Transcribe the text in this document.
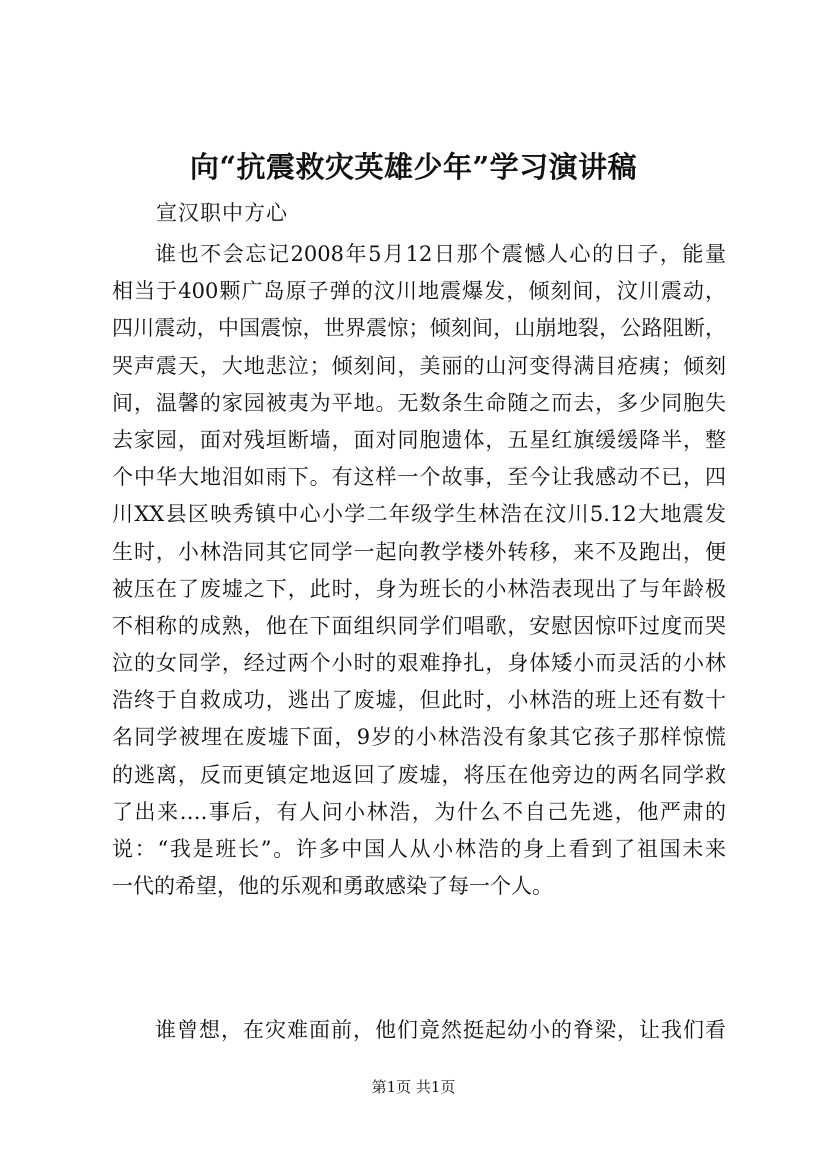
向“抗震救灾英雄少年”学习演讲稿
宣汉职中方心
谁也不会忘记2008年5月12日那个震憾人心的日子，能量
相当于400颗广岛原子弹的汶川地震爆发，倾刻间，汶川震动，
四川震动，中国震惊，世界震惊；倾刻间，山崩地裂，公路阻断，
哭声震天，大地悲泣；倾刻间，美丽的山河变得满目疮痍；倾刻
间，温馨的家园被夷为平地。无数条生命随之而去，多少同胞失
去家园，面对残垣断墙，面对同胞遗体，五星红旗缓缓降半，整
个中华大地泪如雨下。有这样一个故事，至今让我感动不已，四
川XX县区映秀镇中心小学二年级学生林浩在汶川5.12大地震发
生时，小林浩同其它同学一起向教学楼外转移，来不及跑出，便
被压在了废墟之下，此时，身为班长的小林浩表现出了与年龄极
不相称的成熟，他在下面组织同学们唱歌，安慰因惊吓过度而哭
泣的女同学，经过两个小时的艰难挣扎，身体矮小而灵活的小林
浩终于自救成功，逃出了废墟，但此时，小林浩的班上还有数十
名同学被埋在废墟下面，9岁的小林浩没有象其它孩子那样惊慌
的逃离，反而更镇定地返回了废墟，将压在他旁边的两名同学救
了出来….事后，有人问小林浩，为什么不自己先逃，他严肃的
说：“我是班长”。许多中国人从小林浩的身上看到了祖国未来
一代的希望，他的乐观和勇敢感染了每一个人。
谁曾想，在灾难面前，他们竟然挺起幼小的脊梁，让我们看
第1页 共1页
